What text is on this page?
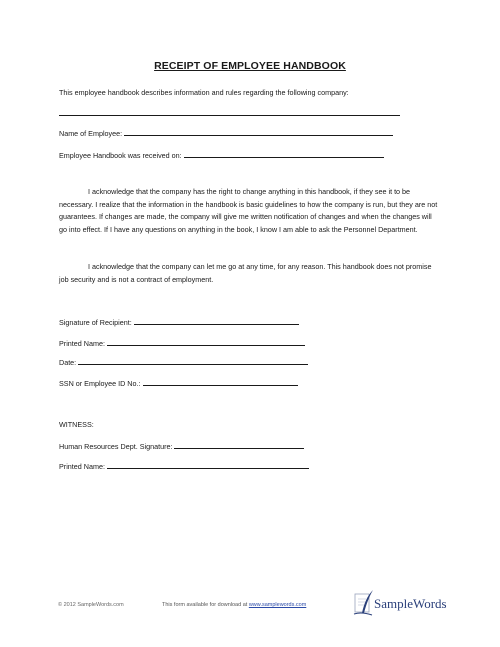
RECEIPT OF EMPLOYEE HANDBOOK
This employee handbook describes information and rules regarding the following company:
Name of Employee:
Employee Handbook was received on:
I acknowledge that the company has the right to change anything in this handbook, if they see it to be necessary. I realize that the information in the handbook is basic guidelines to how the company is run, but they are not guarantees. If changes are made, the company will give me written notification of changes and when the changes will go into effect. If I have any questions on anything in the book, I know I am able to ask the Personnel Department.
I acknowledge that the company can let me go at any time, for any reason. This handbook does not promise job security and is not a contract of employment.
Signature of Recipient:
Printed Name:
Date:
SSN or Employee ID No.:
WITNESS:
Human Resources Dept. Signature:
Printed Name:
© 2012 SampleWords.com	This form available for download at www.samplewords.com	SampleWords
